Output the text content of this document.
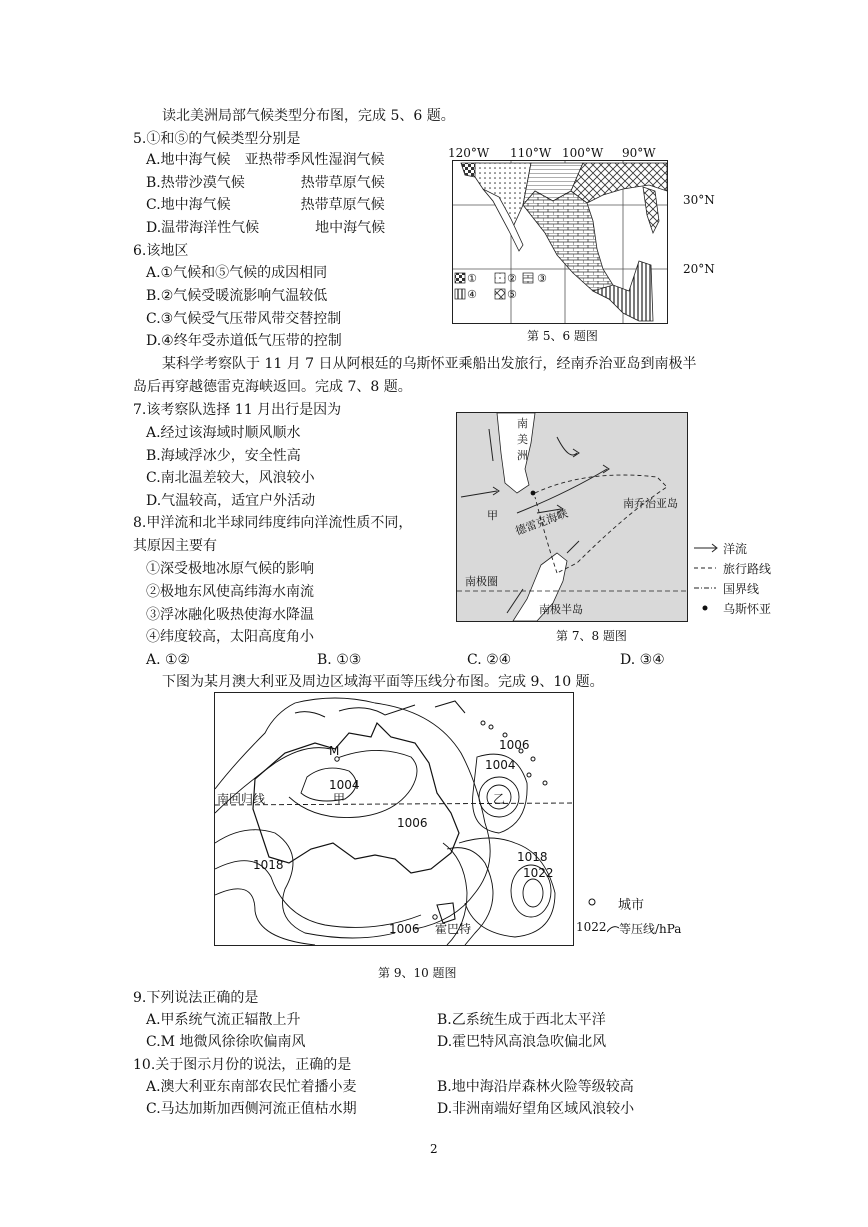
读北美洲局部气候类型分布图，完成 5、6 题。
5.①和⑤的气候类型分别是
A.地中海气候　亚热带季风性湿润气候
B.热带沙漠气候　　　　热带草原气候
C.地中海气候　　　　　热带草原气候
D.温带海洋性气候　　　　地中海气候
6.该地区
A.①气候和⑤气候的成因相同
B.②气候受暖流影响气温较低
C.③气候受气压带风带交替控制
D.④终年受赤道低气压带的控制
120°W 110°W 100°W 90°W
①	② ③
④	⑤
30°N
20°N
第 5、6 题图
某科学考察队于 11 月 7 日从阿根廷的乌斯怀亚乘船出发旅行，经南乔治亚岛到南极半
岛后再穿越德雷克海峡返回。完成 7、8 题。
7.该考察队选择 11 月出行是因为
A.经过该海域时顺风顺水
B.海域浮冰少，安全性高
C.南北温差较大，风浪较小
D.气温较高，适宜户外活动
8.甲洋流和北半球同纬度纬向洋流性质不同，
其原因主要有
①深受极地冰原气候的影响
②极地东风使高纬海水南流
③浮冰融化吸热使海水降温
④纬度较高，太阳高度角小
A. ①②	B. ①③	C. ②④	D. ③④
南
美
洲
南乔治亚岛
德雷克海峡
甲
南极圈
南极半岛
洋流
旅行路线
国界线
乌斯怀亚
第 7、8 题图
下图为某月澳大利亚及周边区域海平面等压线分布图。完成 9、10 题。
M
南回归线	甲	乙
霍巴特
1004
1006
1006
1004
1018
1018
1022
1006
城市
1022 等压线/hPa
第 9、10 题图
9.下列说法正确的是
A.甲系统气流正辐散上升	B.乙系统生成于西北太平洋
C.M 地微风徐徐吹偏南风	D.霍巴特风高浪急吹偏北风
10.关于图示月份的说法，正确的是
A.澳大利亚东南部农民忙着播小麦	B.地中海沿岸森林火险等级较高
C.马达加斯加西侧河流正值枯水期	D.非洲南端好望角区域风浪较小
2
